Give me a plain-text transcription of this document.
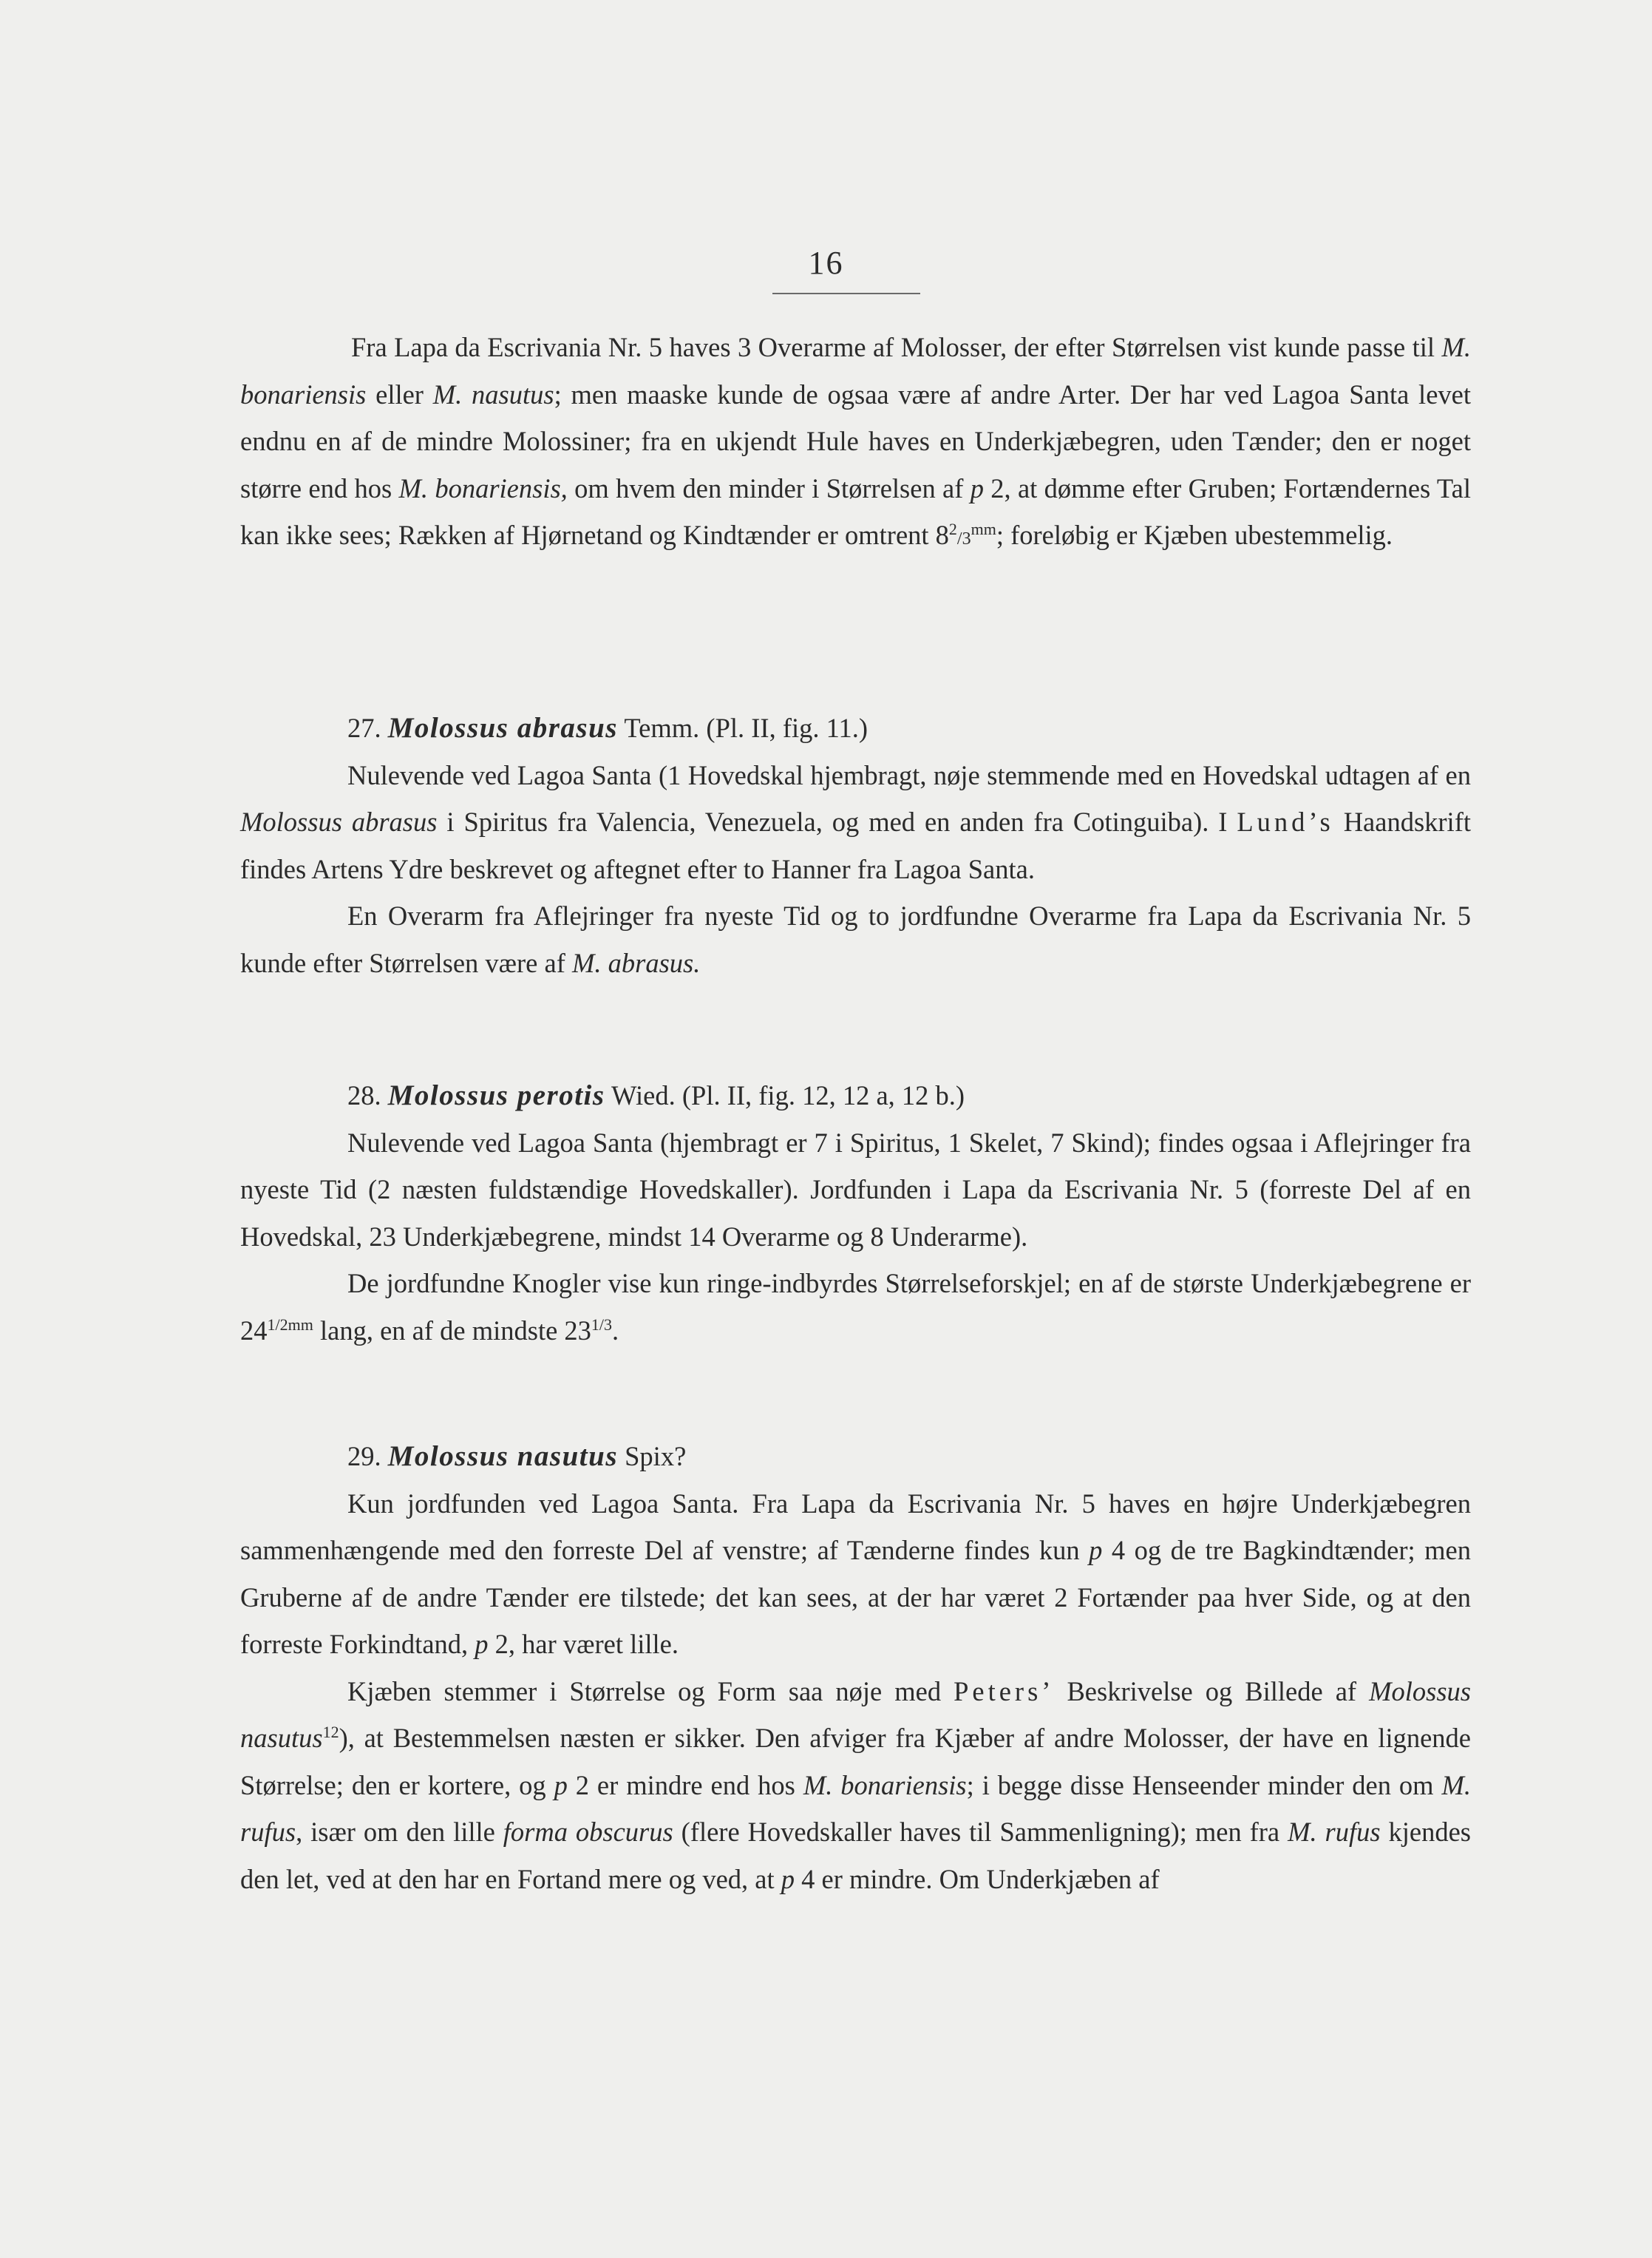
16

Fra Lapa da Escrivania Nr. 5 haves 3 Overarme af Molosser, der efter Størrelsen vist kunde passe til M. bonariensis eller M. nasutus; men maaske kunde de ogsaa være af andre Arter. Der har ved Lagoa Santa levet endnu en af de mindre Molossiner; fra en ukjendt Hule haves en Underkjæbegren, uden Tænder; den er noget større end hos M. bonariensis, om hvem den minder i Størrelsen af p 2, at dømme efter Gruben; Fortændernes Tal kan ikke sees; Rækken af Hjørnetand og Kindtænder er omtrent $8^2/3^{mm}$; foreløbig er Kjæben ubestemmelig.

27. Molossus abrasus Temm. (Pl. II, fig. 11.)

Nulevende ved Lagoa Santa (1 Hovedskal hjembragt, nøje stemmende med en Hovedskal udtagen af en Molossus abrasus i Spiritus fra Valencia, Venezuela, og med en anden fra Cotinguiba). I Lund’s Haandskrift findes Artens Ydre beskrevet og aftegnet efter to Hanner fra Lagoa Santa.

En Overarm fra Aflejringer fra nyeste Tid og to jordfundne Overarme fra Lapa da Escrivania Nr. 5 kunde efter Størrelsen være af M. abrasus.

28. Molossus perotis Wied. (Pl. II, fig. 12, 12 a, 12 b.)

Nulevende ved Lagoa Santa (hjembragt er 7 i Spiritus, 1 Skelet, 7 Skind); findes ogsaa i Aflejringer fra nyeste Tid (2 næsten fuldstændige Hovedskaller). Jordfunden i Lapa da Escrivania Nr. 5 (forreste Del af en Hovedskal, 23 Underkjæbegrene, mindst 14 Overarme og 8 Underarme).

De jordfundne Knogler vise kun ringe-indbyrdes Størrelseforskjel; en af de største Underkjæbegrene er $24^{1/2mm}$ lang, en af de mindste $23^{1/3}$.

29. Molossus nasutus Spix?

Kun jordfunden ved Lagoa Santa. Fra Lapa da Escrivania Nr. 5 haves en højre Underkjæbegren sammenhængende med den forreste Del af venstre; af Tænderne findes kun p 4 og de tre Bagkindtænder; men Gruberne af de andre Tænder ere tilstede; det kan sees, at der har været 2 Fortænder paa hver Side, og at den forreste Forkindtand, p 2, har været lille.

Kjæben stemmer i Størrelse og Form saa nøje med Peters’ Beskrivelse og Billede af Molossus nasutus$^{12}$), at Bestemmelsen næsten er sikker. Den afviger fra Kjæber af andre Molosser, der have en lignende Størrelse; den er kortere, og p 2 er mindre end hos M. bonariensis; i begge disse Henseender minder den om M. rufus, især om den lille forma obscurus (flere Hovedskaller haves til Sammenligning); men fra M. rufus kjendes den let, ved at den har en Fortand mere og ved, at p 4 er mindre. Om Underkjæben af
